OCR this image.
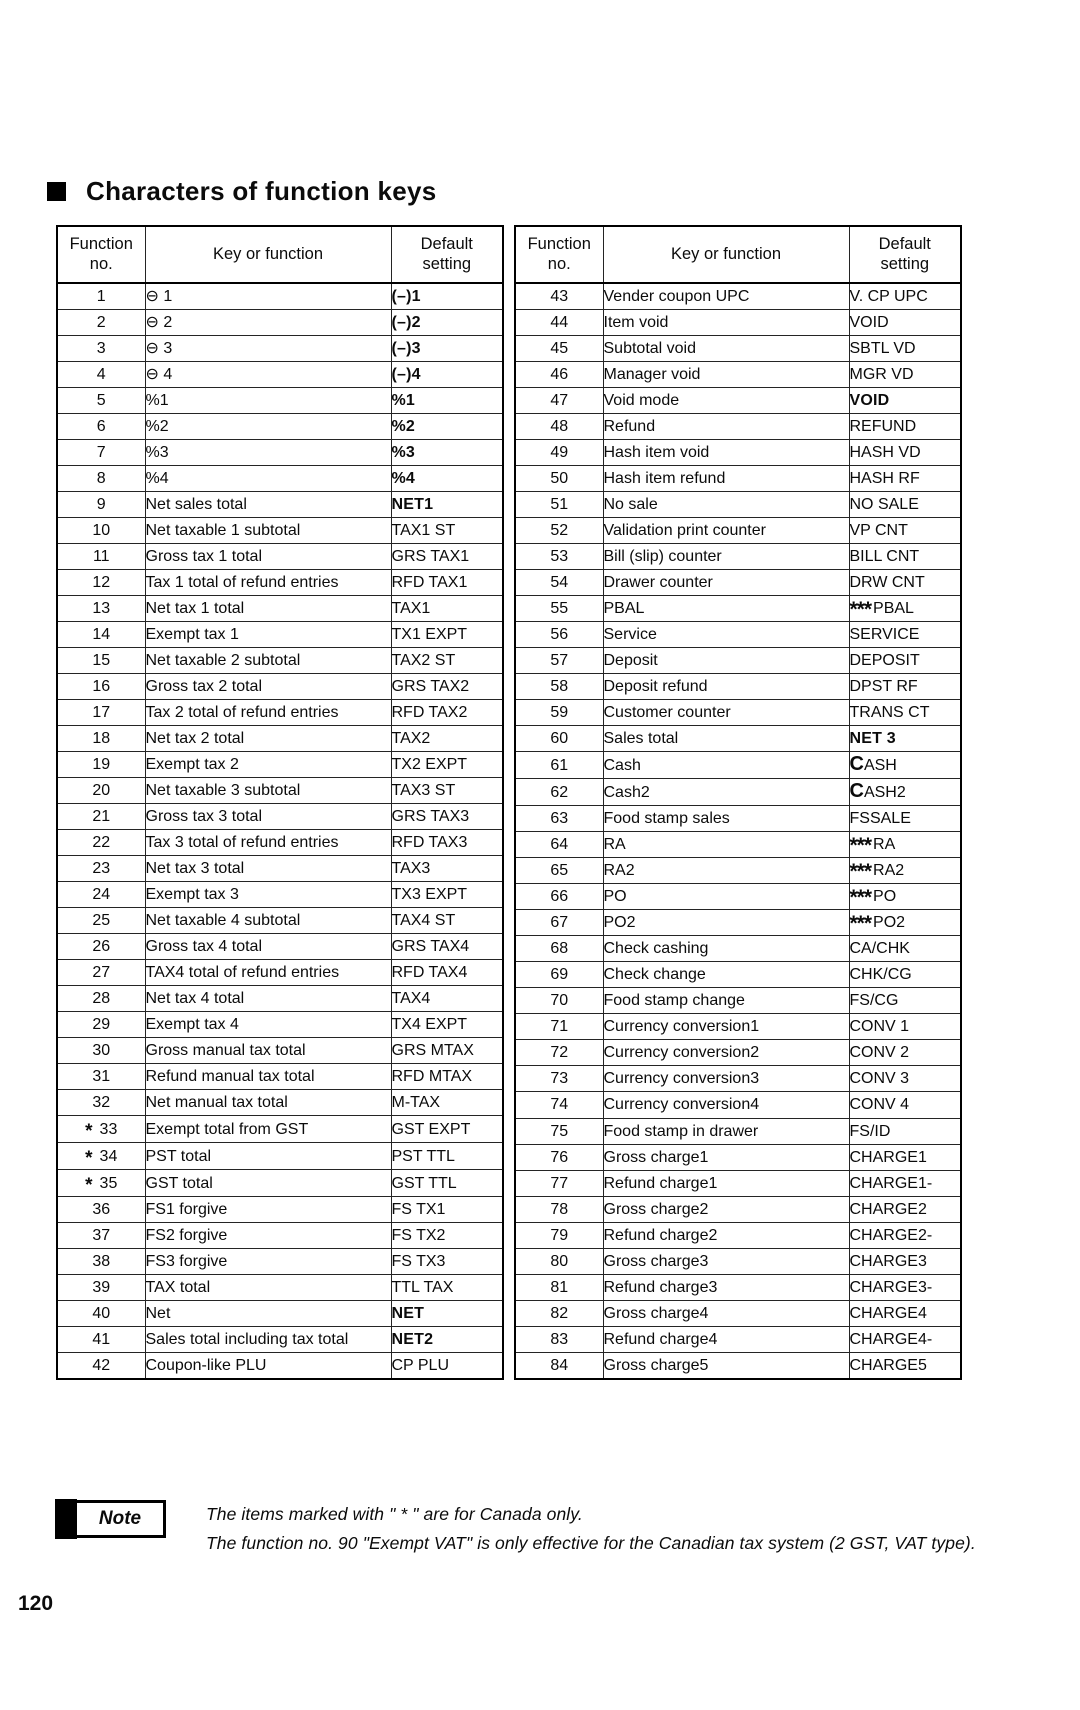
Characters of function keys
Function
no.	Key or function	Default
setting
1	⊖ 1	(–)1
2	⊖ 2	(–)2
3	⊖ 3	(–)3
4	⊖ 4	(–)4
5	%1	%1
6	%2	%2
7	%3	%3
8	%4	%4
9	Net sales total	NET1
10	Net taxable 1 subtotal	TAX1 ST
11	Gross tax 1 total	GRS TAX1
12	Tax 1 total of refund entries	RFD TAX1
13	Net tax 1 total	TAX1
14	Exempt tax 1	TX1 EXPT
15	Net taxable 2 subtotal	TAX2 ST
16	Gross tax 2 total	GRS TAX2
17	Tax 2 total of refund entries	RFD TAX2
18	Net tax 2 total	TAX2
19	Exempt tax 2	TX2 EXPT
20	Net taxable 3 subtotal	TAX3 ST
21	Gross tax 3 total	GRS TAX3
22	Tax 3 total of refund entries	RFD TAX3
23	Net tax 3 total	TAX3
24	Exempt tax 3	TX3 EXPT
25	Net taxable 4 subtotal	TAX4 ST
26	Gross tax 4 total	GRS TAX4
27	TAX4 total of refund entries	RFD TAX4
28	Net tax 4 total	TAX4
29	Exempt tax 4	TX4 EXPT
30	Gross manual tax total	GRS MTAX
31	Refund manual tax total	RFD MTAX
32	Net manual tax total	M-TAX
* 33	Exempt total from GST	GST EXPT
* 34	PST total	PST TTL
* 35	GST total	GST TTL
36	FS1 forgive	FS TX1
37	FS2 forgive	FS TX2
38	FS3 forgive	FS TX3
39	TAX total	TTL TAX
40	Net	NET
41	Sales total including tax total	NET2
42	Coupon-like PLU	CP PLU
Function
no.	Key or function	Default
setting
43	Vender coupon UPC	V. CP UPC
44	Item void	VOID
45	Subtotal void	SBTL VD
46	Manager void	MGR VD
47	Void mode	VOID
48	Refund	REFUND
49	Hash item void	HASH VD
50	Hash item refund	HASH RF
51	No sale	NO SALE
52	Validation print counter	VP CNT
53	Bill (slip) counter	BILL CNT
54	Drawer counter	DRW CNT
55	PBAL	*** PBAL
56	Service	SERVICE
57	Deposit	DEPOSIT
58	Deposit refund	DPST RF
59	Customer counter	TRANS CT
60	Sales total	NET 3
61	Cash	CASH
62	Cash2	CASH2
63	Food stamp sales	FSSALE
64	RA	*** RA
65	RA2	*** RA2
66	PO	*** PO
67	PO2	*** PO2
68	Check cashing	CA/CHK
69	Check change	CHK/CG
70	Food stamp change	FS/CG
71	Currency conversion1	CONV 1
72	Currency conversion2	CONV 2
73	Currency conversion3	CONV 3
74	Currency conversion4	CONV 4
75	Food stamp in drawer	FS/ID
76	Gross charge1	CHARGE1
77	Refund charge1	CHARGE1-
78	Gross charge2	CHARGE2
79	Refund charge2	CHARGE2-
80	Gross charge3	CHARGE3
81	Refund charge3	CHARGE3-
82	Gross charge4	CHARGE4
83	Refund charge4	CHARGE4-
84	Gross charge5	CHARGE5
Note	The items marked with " * " are for Canada only.

The function no. 90 "Exempt VAT" is only effective for the Canadian tax system (2 GST, VAT type).

120
